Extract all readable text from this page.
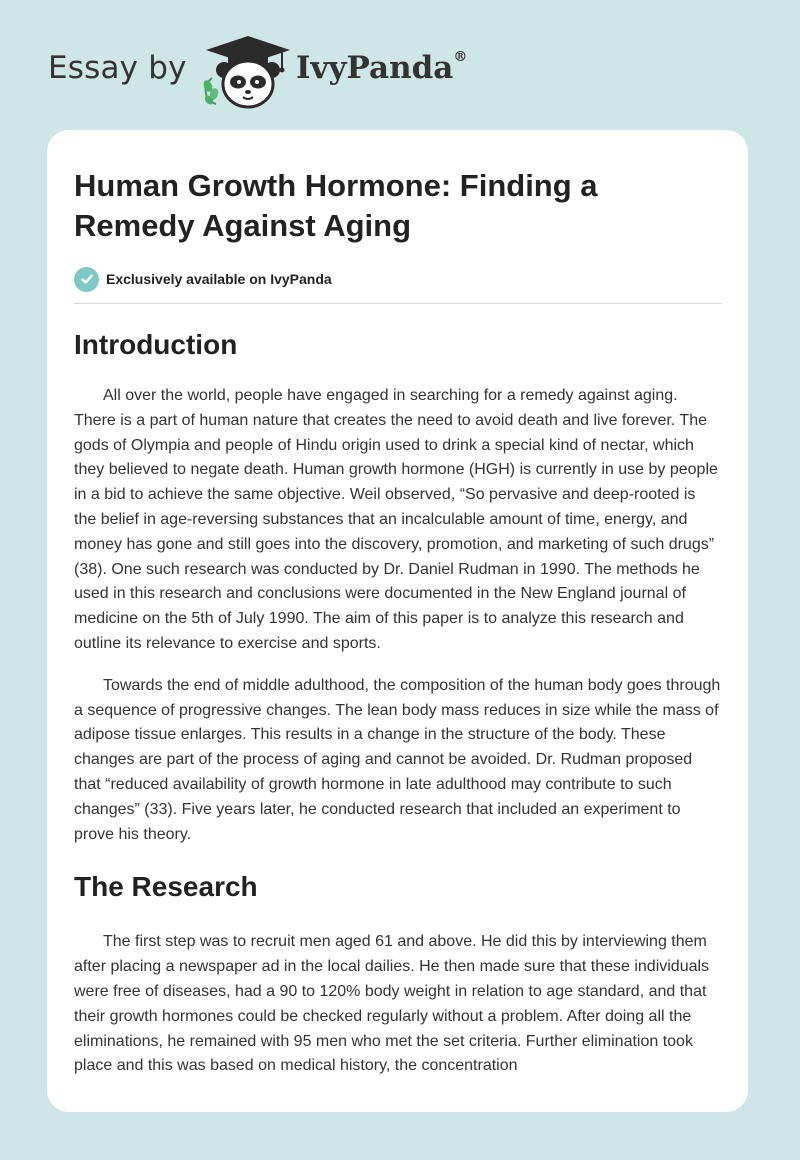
Essay by	IvyPanda®
Human Growth Hormone: Finding a
Remedy Against Aging
Exclusively available on IvyPanda
Introduction

All over the world, people have engaged in searching for a remedy against aging. There is a part of human nature that creates the need to avoid death and live forever. The gods of Olympia and people of Hindu origin used to drink a special kind of nectar, which they believed to negate death. Human growth hormone (HGH) is currently in use by people in a bid to achieve the same objective. Weil observed, “So pervasive and deep-rooted is the belief in age-reversing substances that an incalculable amount of time, energy, and money has gone and still goes into the discovery, promotion, and marketing of such drugs” (38). One such research was conducted by Dr. Daniel Rudman in 1990. The methods he used in this research and conclusions were documented in the New England journal of medicine on the 5th of July 1990. The aim of this paper is to analyze this research and outline its relevance to exercise and sports.

Towards the end of middle adulthood, the composition of the human body goes through a sequence of progressive changes. The lean body mass reduces in size while the mass of adipose tissue enlarges. This results in a change in the structure of the body. These changes are part of the process of aging and cannot be avoided. Dr. Rudman proposed that “reduced availability of growth hormone in late adulthood may contribute to such changes” (33). Five years later, he conducted research that included an experiment to prove his theory.

The Research

The first step was to recruit men aged 61 and above. He did this by interviewing them after placing a newspaper ad in the local dailies. He then made sure that these individuals were free of diseases, had a 90 to 120% body weight in relation to age standard, and that their growth hormones could be checked regularly without a problem. After doing all the eliminations, he remained with 95 men who met the set criteria. Further elimination took place and this was based on medical history, the concentration
